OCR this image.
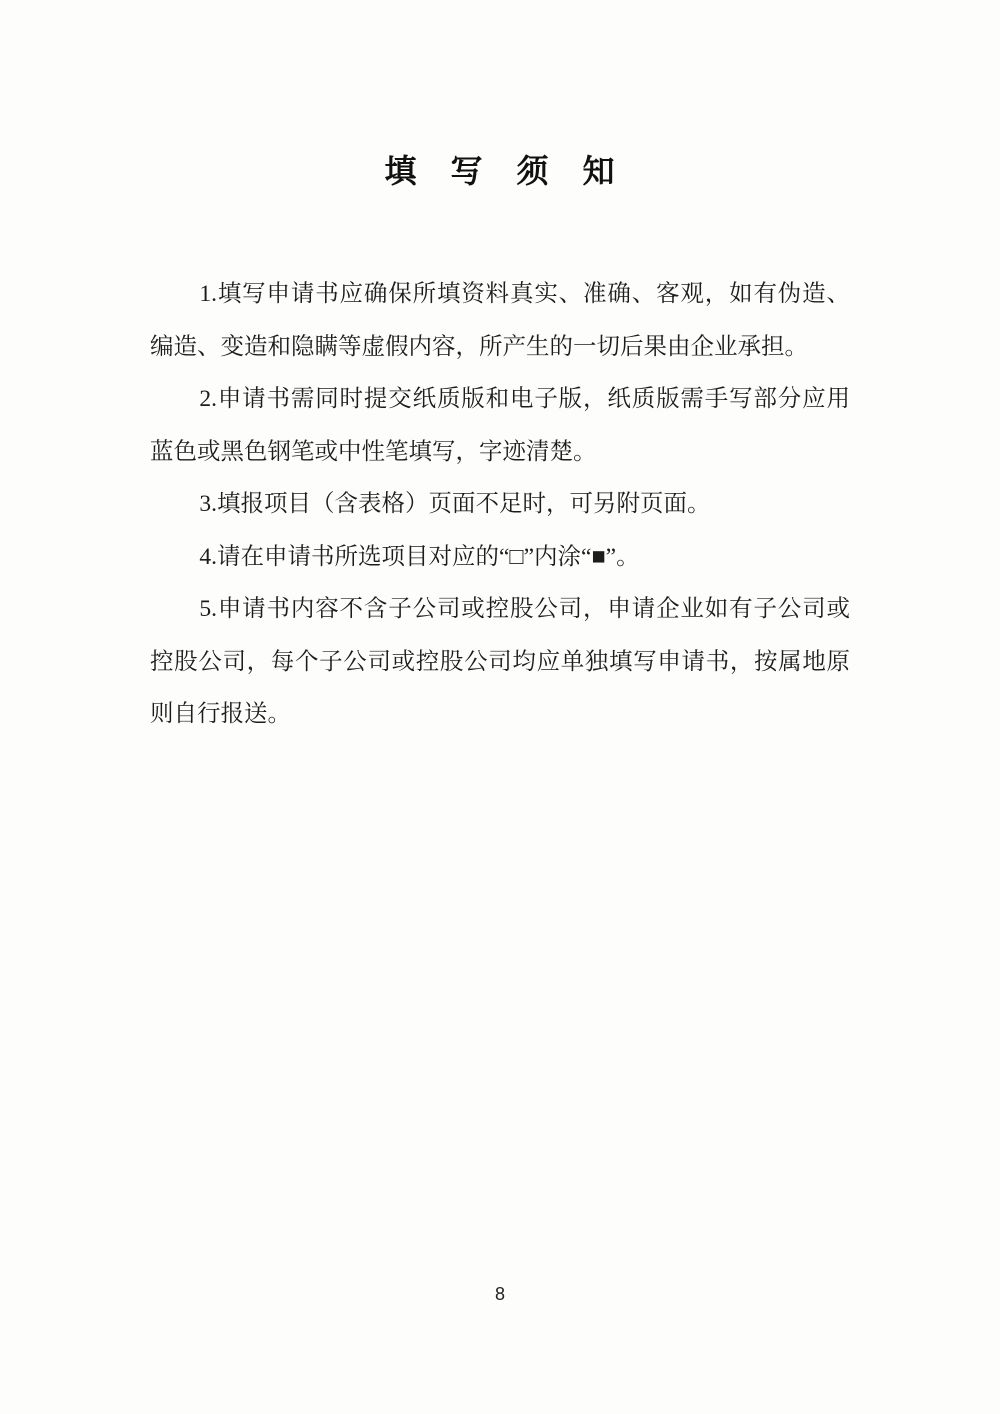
填　写　须　知

1.填写申请书应确保所填资料真实、准确、客观，如有伪造、编造、变造和隐瞒等虚假内容，所产生的一切后果由企业承担。

2.申请书需同时提交纸质版和电子版，纸质版需手写部分应用蓝色或黑色钢笔或中性笔填写，字迹清楚。

3.填报项目（含表格）页面不足时，可另附页面。

4.请在申请书所选项目对应的“□”内涂“■”。

5.申请书内容不含子公司或控股公司，申请企业如有子公司或控股公司，每个子公司或控股公司均应单独填写申请书，按属地原则自行报送。

8
